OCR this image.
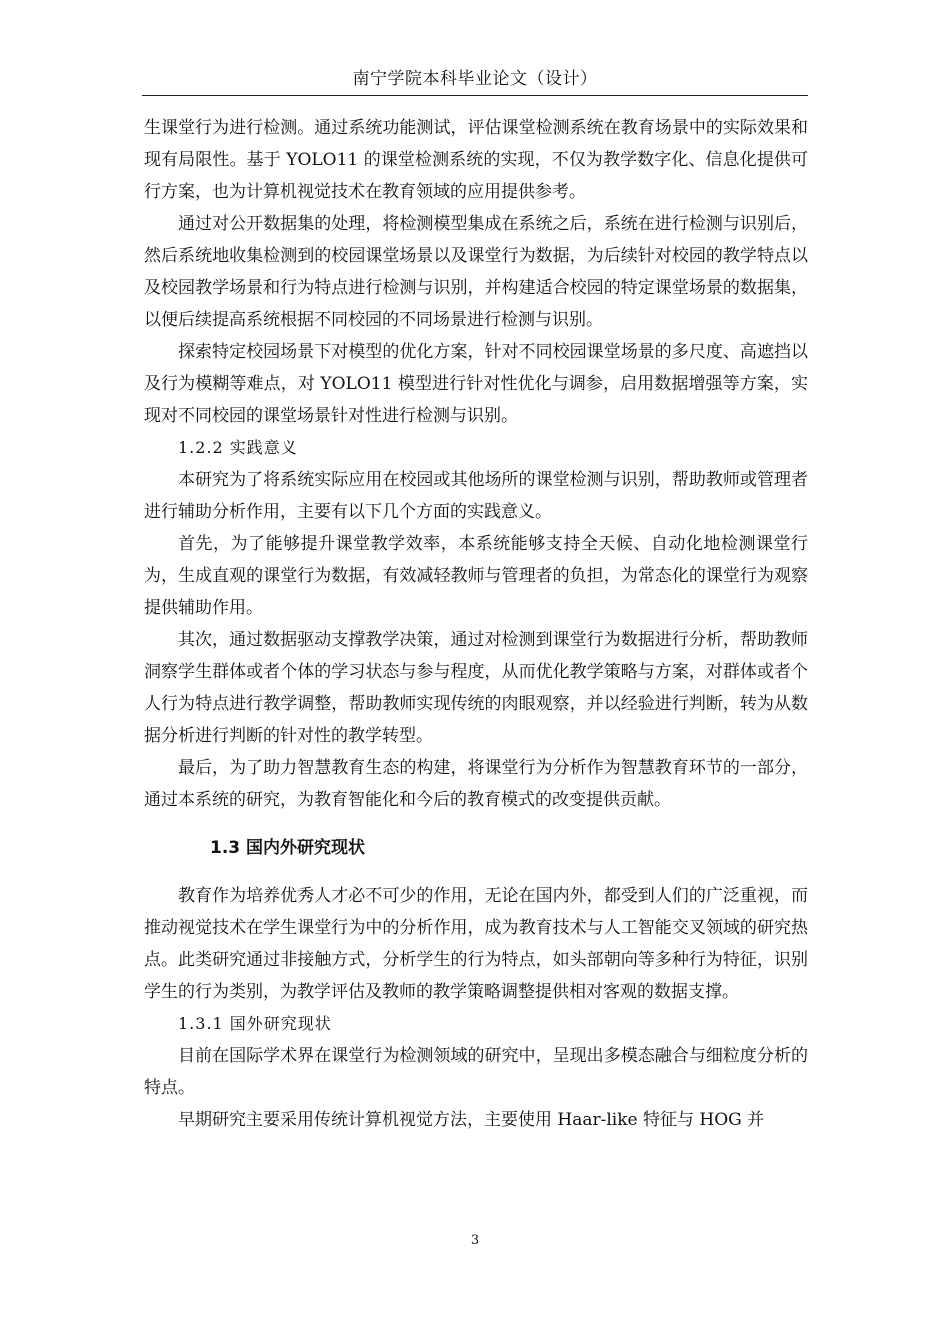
南宁学院本科毕业论文（设计）

生课堂行为进行检测。通过系统功能测试，评估课堂检测系统在教育场景中的实际效果和现有局限性。基于 YOLO11 的课堂检测系统的实现，不仅为教学数字化、信息化提供可行方案，也为计算机视觉技术在教育领域的应用提供参考。

通过对公开数据集的处理，将检测模型集成在系统之后，系统在进行检测与识别后，然后系统地收集检测到的校园课堂场景以及课堂行为数据，为后续针对校园的教学特点以及校园教学场景和行为特点进行检测与识别，并构建适合校园的特定课堂场景的数据集，以便后续提高系统根据不同校园的不同场景进行检测与识别。

探索特定校园场景下对模型的优化方案，针对不同校园课堂场景的多尺度、高遮挡以及行为模糊等难点，对 YOLO11 模型进行针对性优化与调参，启用数据增强等方案，实现对不同校园的课堂场景针对性进行检测与识别。

1.2.2 实践意义

本研究为了将系统实际应用在校园或其他场所的课堂检测与识别，帮助教师或管理者进行辅助分析作用，主要有以下几个方面的实践意义。

首先，为了能够提升课堂教学效率，本系统能够支持全天候、自动化地检测课堂行为，生成直观的课堂行为数据，有效减轻教师与管理者的负担，为常态化的课堂行为观察提供辅助作用。

其次，通过数据驱动支撑教学决策，通过对检测到课堂行为数据进行分析，帮助教师洞察学生群体或者个体的学习状态与参与程度，从而优化教学策略与方案，对群体或者个人行为特点进行教学调整，帮助教师实现传统的肉眼观察，并以经验进行判断，转为从数据分析进行判断的针对性的教学转型。

最后，为了助力智慧教育生态的构建，将课堂行为分析作为智慧教育环节的一部分，通过本系统的研究，为教育智能化和今后的教育模式的改变提供贡献。

1.3 国内外研究现状

教育作为培养优秀人才必不可少的作用，无论在国内外，都受到人们的广泛重视，而推动视觉技术在学生课堂行为中的分析作用，成为教育技术与人工智能交叉领域的研究热点。此类研究通过非接触方式，分析学生的行为特点，如头部朝向等多种行为特征，识别学生的行为类别，为教学评估及教师的教学策略调整提供相对客观的数据支撑。

1.3.1 国外研究现状

目前在国际学术界在课堂行为检测领域的研究中，呈现出多模态融合与细粒度分析的特点。

早期研究主要采用传统计算机视觉方法，主要使用 Haar-like 特征与 HOG 并

3
